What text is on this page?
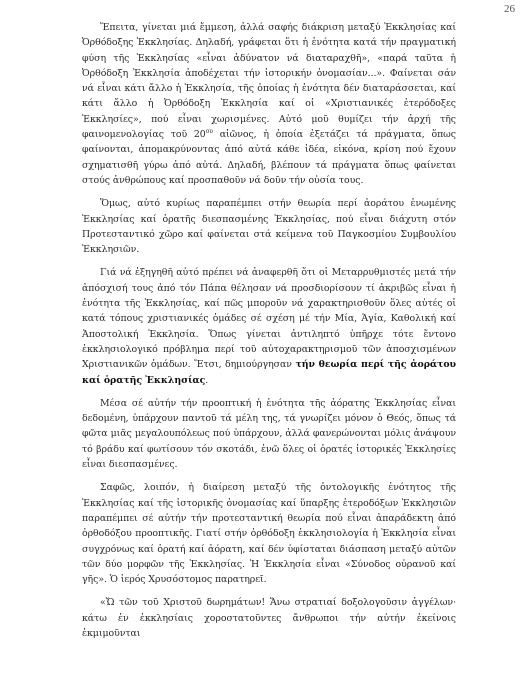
26

Ἔπειτα, γίνεται μιά ἔμμεση, ἀλλά σαφής διάκριση μεταξύ Ἐκκλησίας καί Ὀρθόδοξης Ἐκκλησίας. Δηλαδή, γράφεται ὅτι ἡ ἑνότητα κατά τήν πραγματική φύση τῆς Ἐκκλησίας «εἶναι ἀδύνατον νά διαταραχθῆ», «παρά ταῦτα ἡ Ὀρθόδοξη Ἐκκλησία ἀποδέχεται τήν ἱστορικήν ὀνομασίαν...». Φαίνεται σάν νά εἶναι κάτι ἄλλο ἡ Ἐκκλησία, τῆς ὁποίας ἡ ἑνότητα δέν διαταράσσεται, καί κάτι ἄλλο ἡ Ὀρθόδοξη Ἐκκλησία καί οἱ «Χριστιανικές ἑτερόδοξες Ἐκκλησίες», πού εἶναι χωρισμένες. Αὐτό μοῦ θυμίζει τήν ἀρχή τῆς φαινομενολογίας τοῦ $20^{o\upsilon}$ αἰῶνος, ἡ ὁποία ἐξετάζει τά πράγματα, ὅπως φαίνονται, ἀπομακρύνοντας ἀπό αὐτά κάθε ἰδέα, εἰκόνα, κρίση πού ἔχουν σχηματισθῆ γύρω ἀπό αὐτά. Δηλαδή, βλέπουν τά πράγματα ὅπως φαίνεται στούς ἀνθρώπους καί προσπαθοῦν νά δοῦν τήν οὐσία τους.

Ὅμως, αὐτό κυρίως παραπέμπει στήν θεωρία περί ἀοράτου ἑνωμένης Ἐκκλησίας καί ὁρατῆς διεσπασμένης Ἐκκλησίας, πού εἶναι διάχυτη στόν Προτεσταντικό χῶρο καί φαίνεται στά κείμενα τοῦ Παγκοσμίου Συμβουλίου Ἐκκλησιῶν.

Γιά νά ἐξηγηθῆ αὐτό πρέπει νά ἀναφερθῆ ὅτι οἱ Μεταρρυθμιστές μετά τήν ἀπόσχισή τους ἀπό τόν Πάπα θέλησαν νά προσδιορίσουν τί ἀκριβῶς εἶναι ἡ ἑνότητα τῆς Ἐκκλησίας, καί πῶς μποροῦν νά χαρακτηρισθοῦν ὅλες αὐτές οἱ κατά τόπους χριστιανικές ὁμάδες σέ σχέση μέ τήν Μία, Ἁγία, Καθολική καί Ἀποστολική Ἐκκλησία. Ὅπως γίνεται ἀντιληπτό ὑπῆρχε τότε ἔντονο ἐκκλησιολογικό πρόβλημα περί τοῦ αὐτοχαρακτηρισμοῦ τῶν ἀποσχισμένων Χριστιανικῶν ὁμάδων. Ἔτσι, δημιούργησαν τήν θεωρία περί τῆς ἀοράτου καί ὁρατῆς Ἐκκλησίας.

Μέσα σέ αὐτήν τήν προοπτική ἡ ἑνότητα τῆς ἀόρατης Ἐκκλησίας εἶναι δεδομένη, ὑπάρχουν παντοῦ τά μέλη της, τά γνωρίζει μόνον ὁ Θεός, ὅπως τά φῶτα μιᾶς μεγαλουπόλεως πού ὑπάρχουν, ἀλλά φανερώνονται μόλις ἀνάψουν τό βράδυ καί φωτίσουν τόν σκοτάδι, ἐνῶ ὅλες οἱ ὁρατές ἱστορικές Ἐκκλησίες εἶναι διεσπασμένες.

Σαφῶς, λοιπόν, ἡ διαίρεση μεταξύ τῆς ὀντολογικῆς ἑνότητος τῆς Ἐκκλησίας καί τῆς ἱστορικῆς ὀνομασίας καί ὕπαρξης ἑτεροδόξων Ἐκκλησιῶν παραπέμπει σέ αὐτήν τήν προτεσταντική θεωρία πού εἶναι ἀπαράδεκτη ἀπό ὀρθοδόξου προοπτικῆς. Γιατί στήν ὀρθόδοξη ἐκκλησιολογία ἡ Ἐκκλησία εἶναι συγχρόνως καί ὁρατή καί ἀόρατη, καί δέν ὑφίσταται διάσπαση μεταξύ αὐτῶν τῶν δύο μορφῶν τῆς Ἐκκλησίας. Ἡ Ἐκκλησία εἶναι «Σύνοδος οὐρανοῦ καί γῆς». Ὁ ἱερός Χρυσόστομος παρατηρεῖ.

«Ὤ τῶν τοῦ Χριστοῦ δωρημάτων! Ἄνω στρατιαί δοξολογοῦσιν ἀγγέλων· κάτω ἐν ἐκκλησίαις χοροστατοῦντες ἄνθρωποι τήν αὐτήν ἐκείνοις ἐκμιμοῦνται
